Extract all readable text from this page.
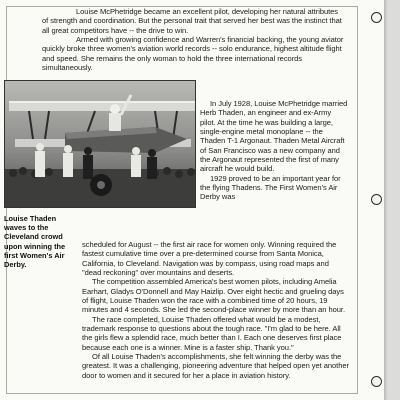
Louise McPhetridge became an excellent pilot, developing her natural attributes of strength and coordination. But the personal trait that served her best was the instinct that all great competitors have -- the drive to win.
Armed with growing confidence and Warren's financial backing, the young aviator quickly broke three women's aviation world records -- solo endurance, highest altitude flight and speed. She remains the only woman to hold the three international records simultaneously.

In July 1928, Louise McPhetridge married Herb Thaden, an engineer and ex-Army pilot. At the time he was building a large, single-engine metal monoplane -- the Thaden T-1 Argonaut. Thaden Metal Aircraft of San Francisco was a new company and the Argonaut represented the first of many aircraft he would build.
1929 proved to be an important year for the flying Thadens. The First Women's Air Derby was

Louise Thaden waves to the Cleveland crowd upon winning the first Women's Air Derby.

scheduled for August -- the first air race for women only. Winning required the fastest cumulative time over a pre-determined course from Santa Monica, California, to Cleveland. Navigation was by compass, using road maps and "dead reckoning" over mountains and deserts.
The competition assembled America's best women pilots, including Amelia Earhart, Gladys O'Donnell and May Haizlip. Over eight hectic and grueling days of flight, Louise Thaden won the race with a combined time of 20 hours, 19 minutes and 4 seconds. She led the second-place winner by more than an hour.
The race completed, Louise Thaden offered what would be a modest, trademark response to questions about the tough race. "I'm glad to be here. All the girls flew a splendid race, much better than I. Each one deserves first place because each one is a winner. Mine is a faster ship. Thank you."
Of all Louise Thaden's accomplishments, she felt winning the derby was the greatest. It was a challenging, pioneering adventure that helped open yet another door to women and it secured for her a place in aviation history.
